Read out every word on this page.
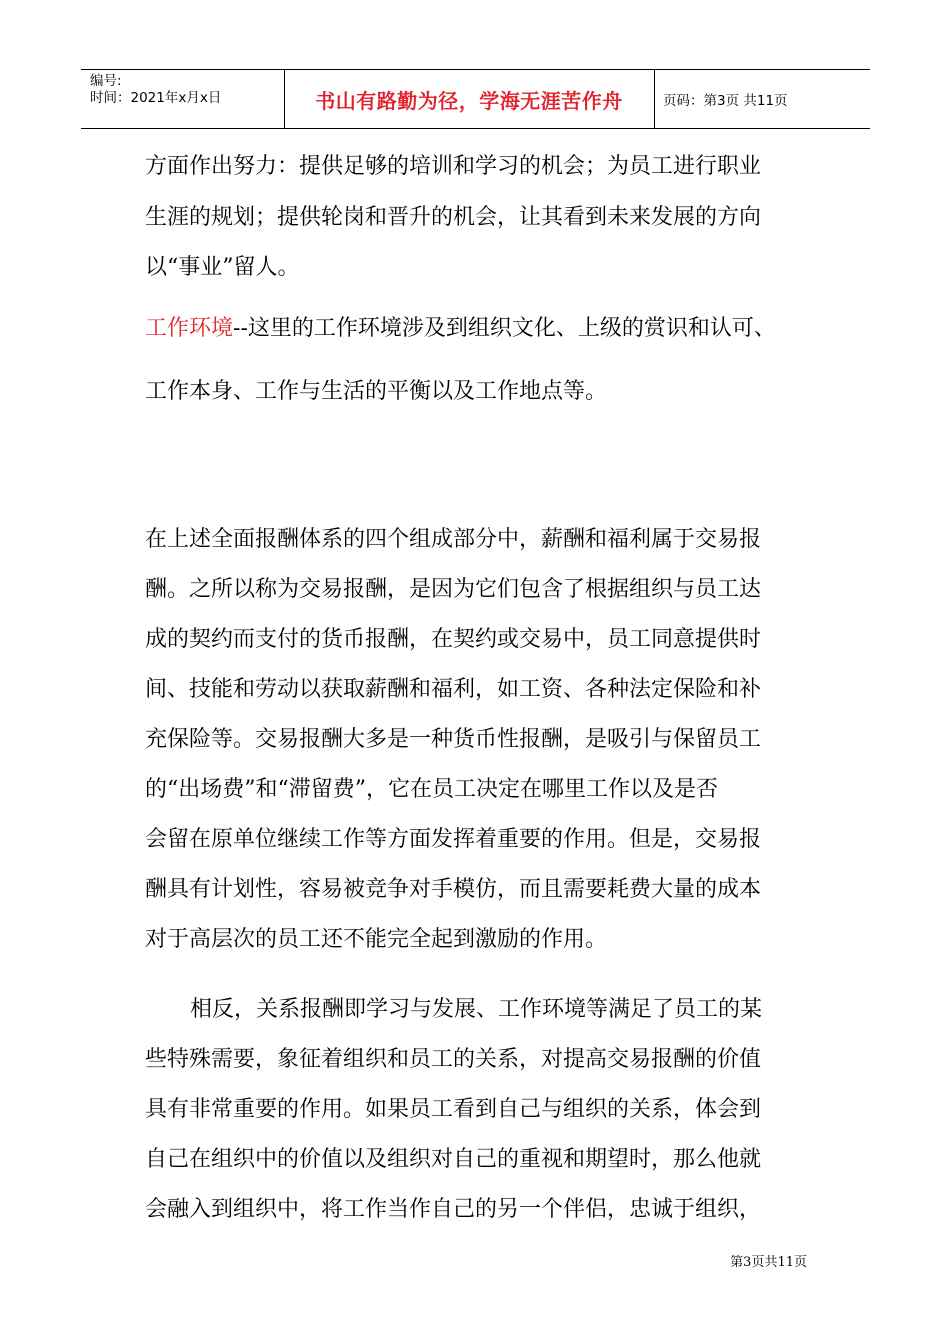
编号:
时间：2021年x月x日	书山有路勤为径，学海无涯苦作舟	页码：第3页 共11页
方面作出努力：提供足够的培训和学习的机会；为员工进行职业
生涯的规划；提供轮岗和晋升的机会，让其看到未来发展的方向
以“事业”留人。
工作环境--这里的工作环境涉及到组织文化、上级的赏识和认可、
工作本身、工作与生活的平衡以及工作地点等。
在上述全面报酬体系的四个组成部分中，薪酬和福利属于交易报
酬。之所以称为交易报酬，是因为它们包含了根据组织与员工达
成的契约而支付的货币报酬，在契约或交易中，员工同意提供时
间、技能和劳动以获取薪酬和福利，如工资、各种法定保险和补
充保险等。交易报酬大多是一种货币性报酬，是吸引与保留员工
的“出场费”和“滞留费”，它在员工决定在哪里工作以及是否
会留在原单位继续工作等方面发挥着重要的作用。但是，交易报
酬具有计划性，容易被竞争对手模仿，而且需要耗费大量的成本
对于高层次的员工还不能完全起到激励的作用。
相反，关系报酬即学习与发展、工作环境等满足了员工的某
些特殊需要，象征着组织和员工的关系，对提高交易报酬的价值
具有非常重要的作用。如果员工看到自己与组织的关系，体会到
自己在组织中的价值以及组织对自己的重视和期望时，那么他就
会融入到组织中，将工作当作自己的另一个伴侣，忠诚于组织，
第3页共11页
